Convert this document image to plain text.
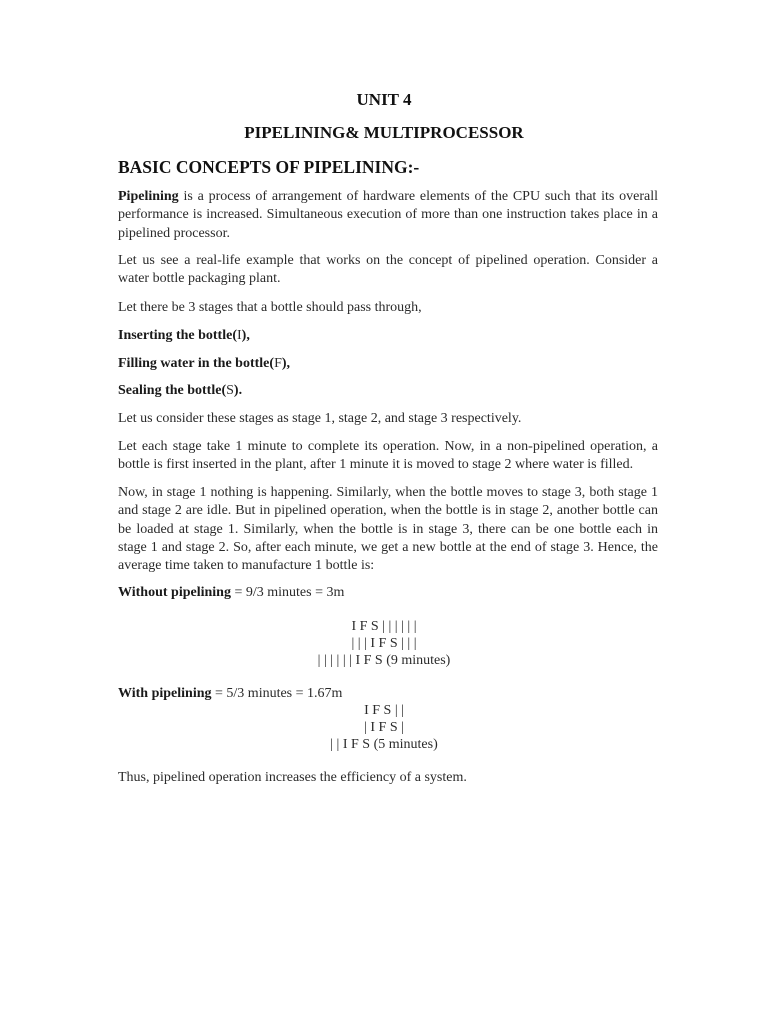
UNIT 4
PIPELINING& MULTIPROCESSOR
BASIC CONCEPTS OF PIPELINING:-
Pipelining is a process of arrangement of hardware elements of the CPU such that its overall performance is increased. Simultaneous execution of more than one instruction takes place in a pipelined processor.
Let us see a real-life example that works on the concept of pipelined operation. Consider a water bottle packaging plant.
Let there be 3 stages that a bottle should pass through,
Inserting the bottle(I),
Filling water in the bottle(F),
Sealing the bottle(S).
Let us consider these stages as stage 1, stage 2, and stage 3 respectively.
Let each stage take 1 minute to complete its operation. Now, in a non-pipelined operation, a bottle is first inserted in the plant, after 1 minute it is moved to stage 2 where water is filled.
Now, in stage 1 nothing is happening. Similarly, when the bottle moves to stage 3, both stage 1 and stage 2 are idle. But in pipelined operation, when the bottle is in stage 2, another bottle can be loaded at stage 1. Similarly, when the bottle is in stage 3, there can be one bottle each in stage 1 and stage 2. So, after each minute, we get a new bottle at the end of stage 3. Hence, the average time taken to manufacture 1 bottle is:
Without pipelining = 9/3 minutes = 3m
I F S | | | | | |
| | | I F S | | |
| | | | | | I F S (9 minutes)
With pipelining = 5/3 minutes = 1.67m
I F S | |
| I F S |
| | I F S (5 minutes)
Thus, pipelined operation increases the efficiency of a system.
